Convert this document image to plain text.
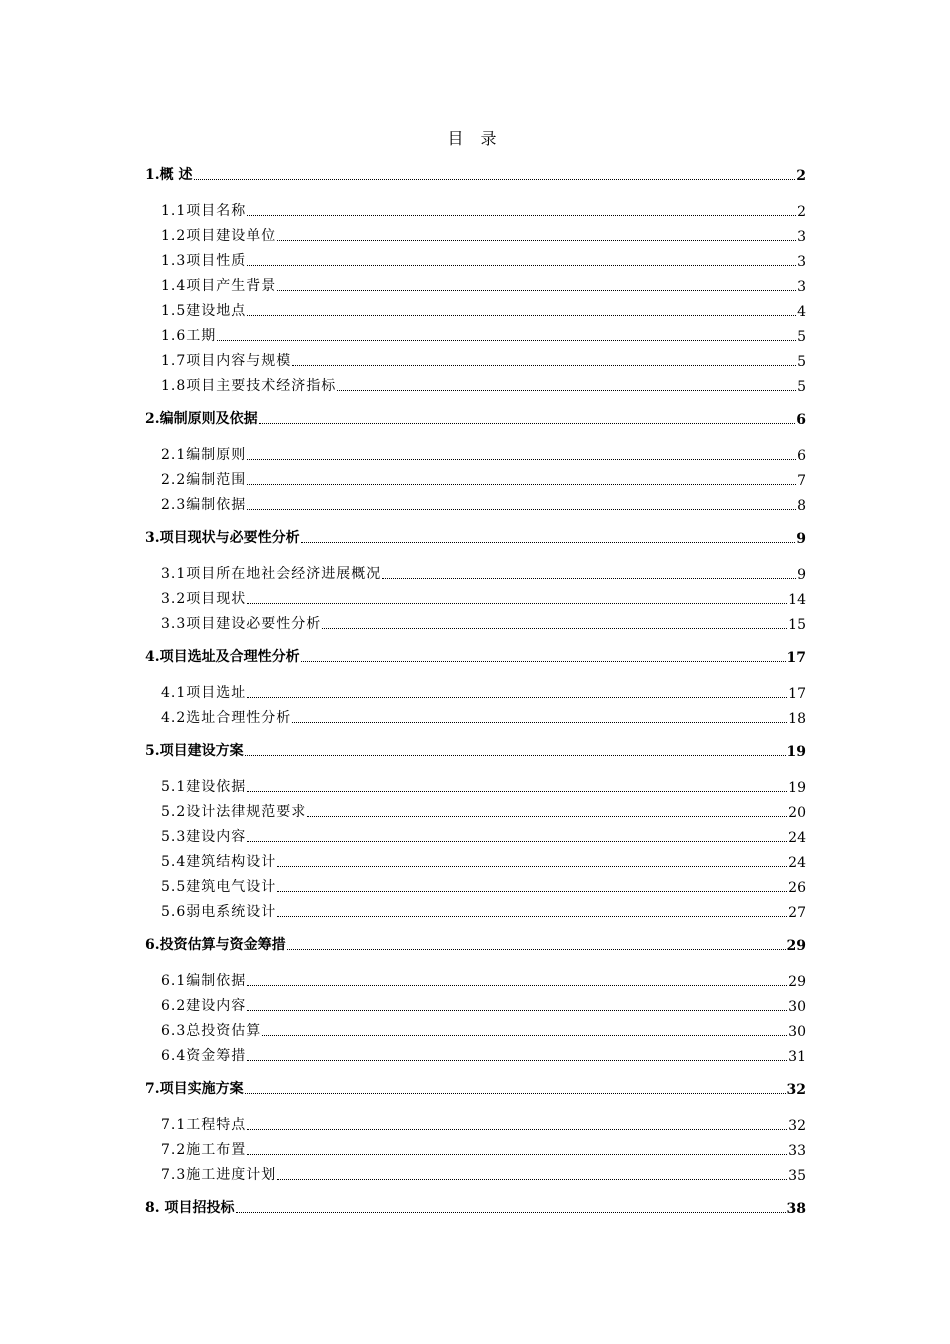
目 录
1.概 述	2
1.1项目名称	2
1.2项目建设单位	3
1.3项目性质	3
1.4项目产生背景	3
1.5建设地点	4
1.6工期	5
1.7项目内容与规模	5
1.8项目主要技术经济指标	5
2.编制原则及依据	6
2.1编制原则	6
2.2编制范围	7
2.3编制依据	8
3.项目现状与必要性分析	9
3.1项目所在地社会经济进展概况	9
3.2项目现状	14
3.3项目建设必要性分析	15
4.项目选址及合理性分析	17
4.1项目选址	17
4.2选址合理性分析	18
5.项目建设方案	19
5.1建设依据	19
5.2设计法律规范要求	20
5.3建设内容	24
5.4建筑结构设计	24
5.5建筑电气设计	26
5.6弱电系统设计	27
6.投资估算与资金筹措	29
6.1编制依据	29
6.2建设内容	30
6.3总投资估算	30
6.4资金筹措	31
7.项目实施方案	32
7.1工程特点	32
7.2施工布置	33
7.3施工进度计划	35
8. 项目招投标	38
